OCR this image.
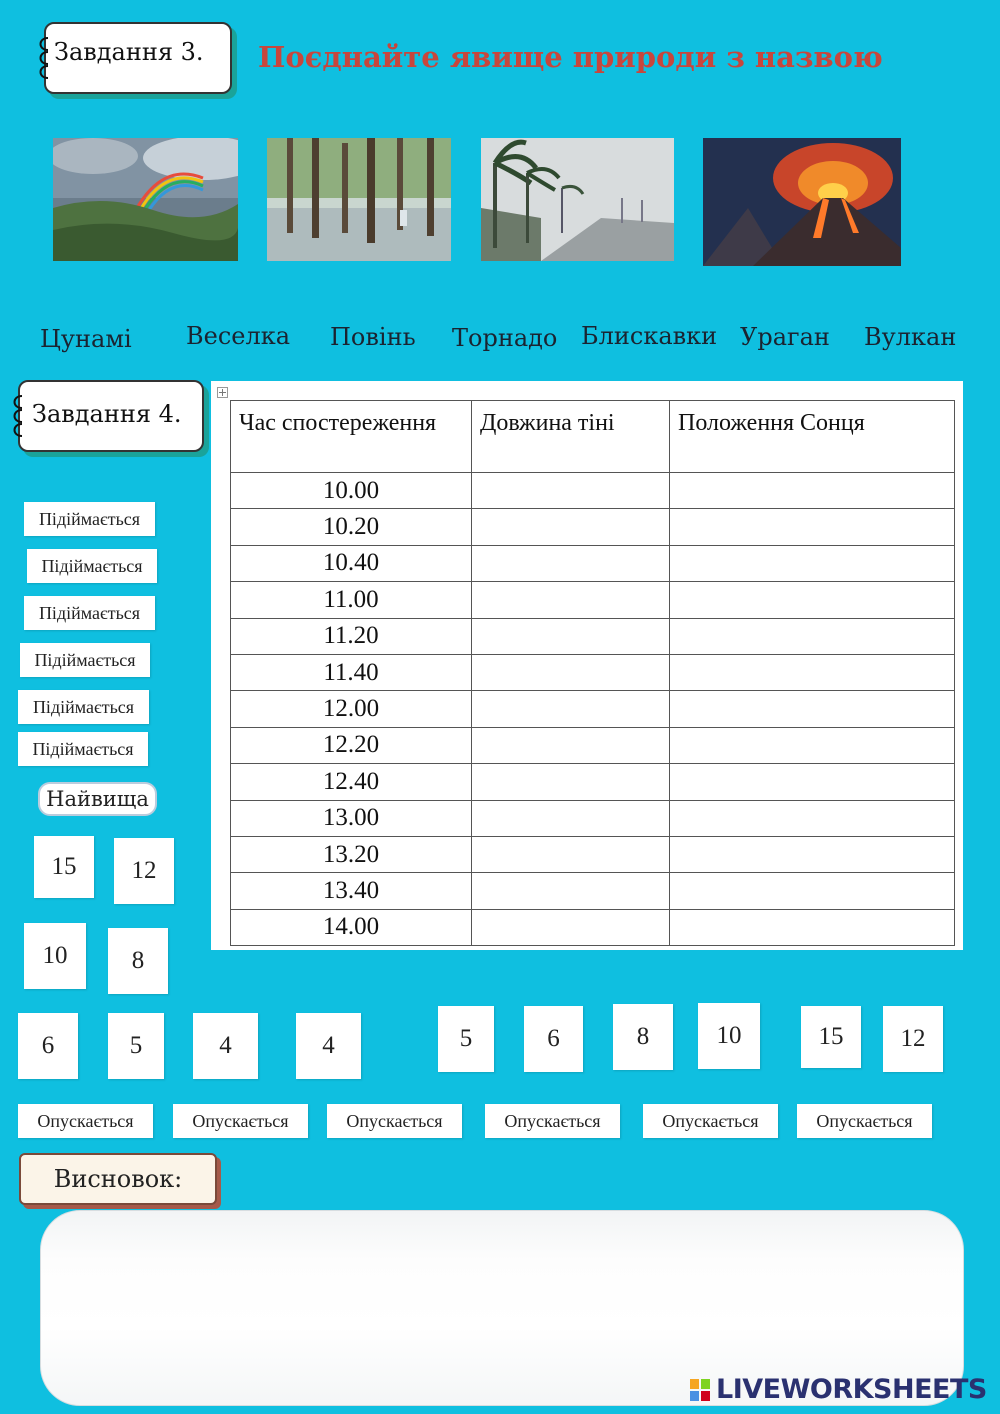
Завдання 3. Поєднайте явище природи з назвою
Цунамі Веселка Повінь Торнадо Блискавки Ураган Вулкан
Завдання 4. Час спостереження	Довжина тіні	Положення Сонця
10.00		
10.20		
10.40		
11.00		
11.20		
11.40		
12.00		
12.20		
12.40		
13.00		
13.20		
13.40		
14.00		
Підіймається
Підіймається
Підіймається
Підіймається
Підіймається
Підіймається
Найвища
15	12
10	8
6	5	4	4	5	6	8	10	15	12
Опускається	Опускається	Опускається	Опускається	Опускається	Опускається
Висновок:
LIVEWORKSHEETS
